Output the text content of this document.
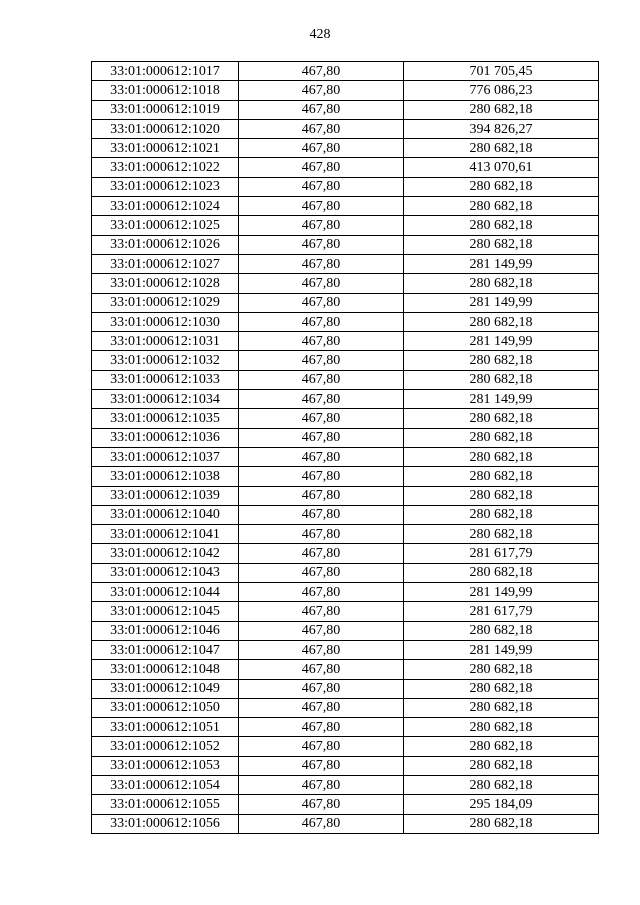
428
33:01:000612:1017	467,80	701 705,45
33:01:000612:1018	467,80	776 086,23
33:01:000612:1019	467,80	280 682,18
33:01:000612:1020	467,80	394 826,27
33:01:000612:1021	467,80	280 682,18
33:01:000612:1022	467,80	413 070,61
33:01:000612:1023	467,80	280 682,18
33:01:000612:1024	467,80	280 682,18
33:01:000612:1025	467,80	280 682,18
33:01:000612:1026	467,80	280 682,18
33:01:000612:1027	467,80	281 149,99
33:01:000612:1028	467,80	280 682,18
33:01:000612:1029	467,80	281 149,99
33:01:000612:1030	467,80	280 682,18
33:01:000612:1031	467,80	281 149,99
33:01:000612:1032	467,80	280 682,18
33:01:000612:1033	467,80	280 682,18
33:01:000612:1034	467,80	281 149,99
33:01:000612:1035	467,80	280 682,18
33:01:000612:1036	467,80	280 682,18
33:01:000612:1037	467,80	280 682,18
33:01:000612:1038	467,80	280 682,18
33:01:000612:1039	467,80	280 682,18
33:01:000612:1040	467,80	280 682,18
33:01:000612:1041	467,80	280 682,18
33:01:000612:1042	467,80	281 617,79
33:01:000612:1043	467,80	280 682,18
33:01:000612:1044	467,80	281 149,99
33:01:000612:1045	467,80	281 617,79
33:01:000612:1046	467,80	280 682,18
33:01:000612:1047	467,80	281 149,99
33:01:000612:1048	467,80	280 682,18
33:01:000612:1049	467,80	280 682,18
33:01:000612:1050	467,80	280 682,18
33:01:000612:1051	467,80	280 682,18
33:01:000612:1052	467,80	280 682,18
33:01:000612:1053	467,80	280 682,18
33:01:000612:1054	467,80	280 682,18
33:01:000612:1055	467,80	295 184,09
33:01:000612:1056	467,80	280 682,18
